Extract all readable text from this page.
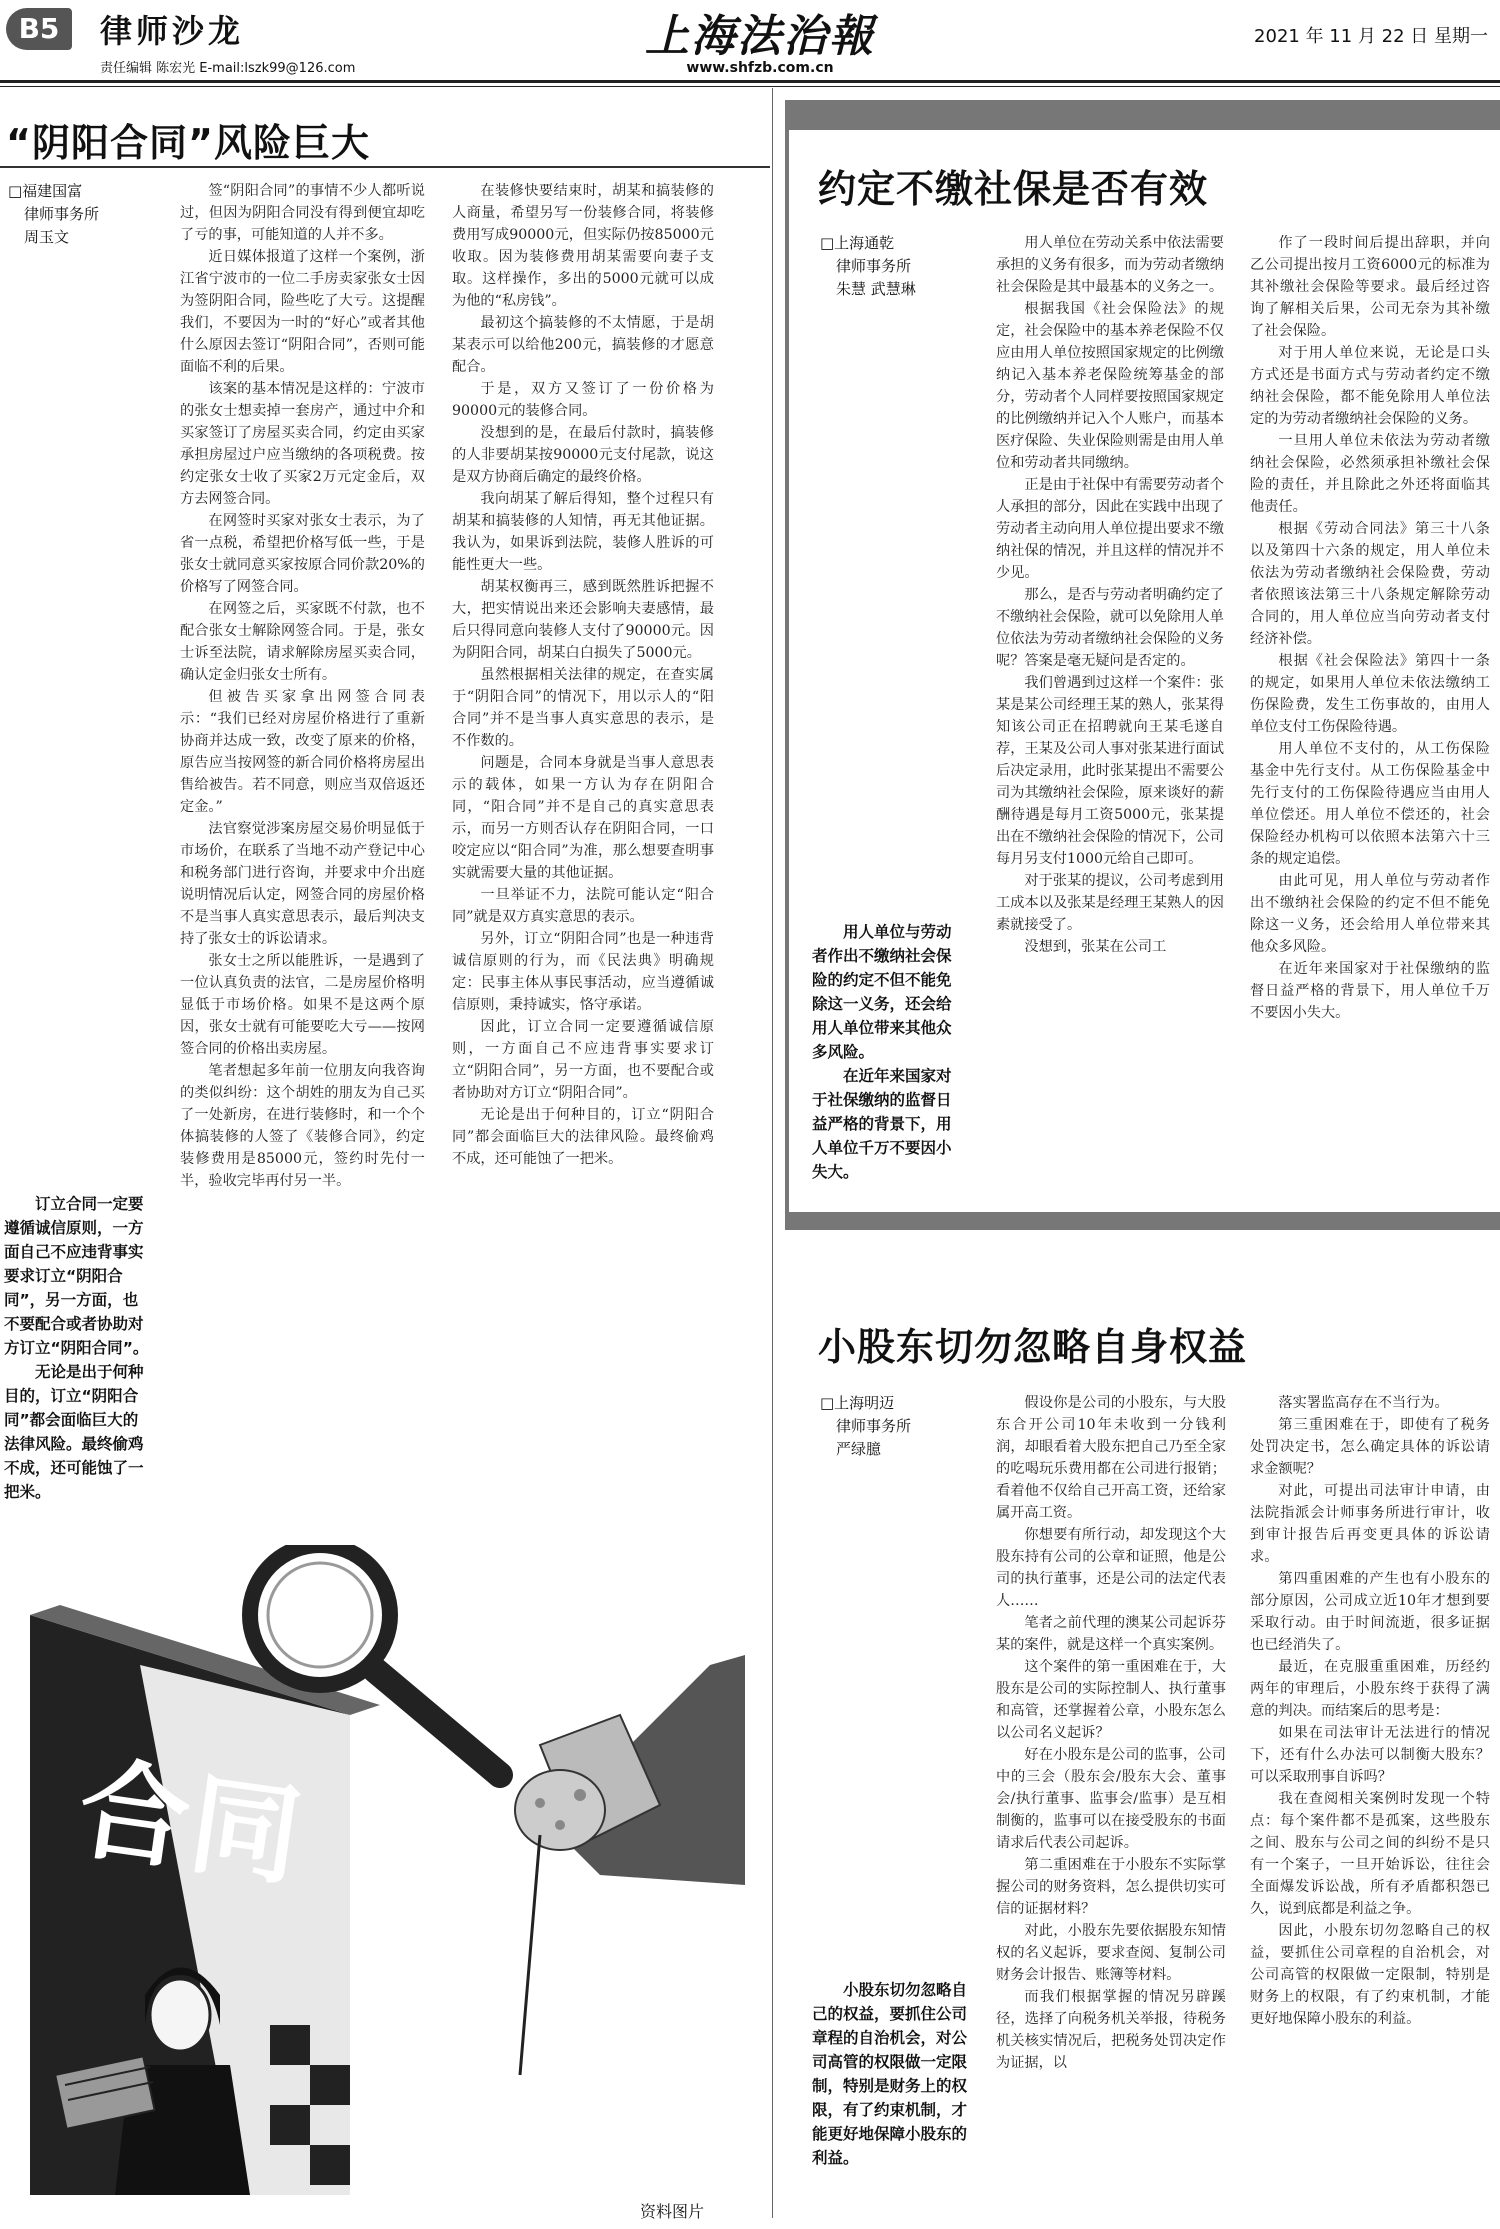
B5	律师沙龙
责任编辑 陈宏光 E-mail:lszk99@126.com
上海法治報
www.shfzb.com.cn
2021 年 11 月 22 日 星期一
“阴阳合同”风险巨大
□福建国富
律师事务所
周玉文

签“阴阳合同”的事情不少人都听说过，但因为阴阳合同没有得到便宜却吃了亏的事，可能知道的人并不多。

近日媒体报道了这样一个案例，浙江省宁波市的一位二手房卖家张女士因为签阴阳合同，险些吃了大亏。这提醒我们，不要因为一时的“好心”或者其他什么原因去签订“阴阳合同”，否则可能面临不利的后果。

该案的基本情况是这样的：宁波市的张女士想卖掉一套房产，通过中介和买家签订了房屋买卖合同，约定由买家承担房屋过户应当缴纳的各项税费。按约定张女士收了买家2万元定金后，双方去网签合同。

在网签时买家对张女士表示，为了省一点税，希望把价格写低一些，于是张女士就同意买家按原合同价款20%的价格写了网签合同。

在网签之后，买家既不付款，也不配合张女士解除网签合同。于是，张女士诉至法院，请求解除房屋买卖合同，确认定金归张女士所有。

但被告买家拿出网签合同表示：“我们已经对房屋价格进行了重新协商并达成一致，改变了原来的价格，原告应当按网签的新合同价格将房屋出售给被告。若不同意，则应当双倍返还定金。”

法官察觉涉案房屋交易价明显低于市场价，在联系了当地不动产登记中心和税务部门进行咨询，并要求中介出庭说明情况后认定，网签合同的房屋价格不是当事人真实意思表示，最后判决支持了张女士的诉讼请求。

张女士之所以能胜诉，一是遇到了一位认真负责的法官，二是房屋价格明显低于市场价格。如果不是这两个原因，张女士就有可能要吃大亏——按网签合同的价格出卖房屋。

笔者想起多年前一位朋友向我咨询的类似纠纷：这个胡姓的朋友为自己买了一处新房，在进行装修时，和一个个体搞装修的人签了《装修合同》，约定装修费用是85000元，签约时先付一半，验收完毕再付另一半。

在装修快要结束时，胡某和搞装修的人商量，希望另写一份装修合同，将装修费用写成90000元，但实际仍按85000元收取。因为装修费用胡某需要向妻子支取。这样操作，多出的5000元就可以成为他的“私房钱”。

最初这个搞装修的不太情愿，于是胡某表示可以给他200元，搞装修的才愿意配合。

于是，双方又签订了一份价格为90000元的装修合同。

没想到的是，在最后付款时，搞装修的人非要胡某按90000元支付尾款，说这是双方协商后确定的最终价格。

我向胡某了解后得知，整个过程只有胡某和搞装修的人知情，再无其他证据。我认为，如果诉到法院，装修人胜诉的可能性更大一些。

胡某权衡再三，感到既然胜诉把握不大，把实情说出来还会影响夫妻感情，最后只得同意向装修人支付了90000元。因为阴阳合同，胡某白白损失了5000元。

虽然根据相关法律的规定，在查实属于“阴阳合同”的情况下，用以示人的“阳合同”并不是当事人真实意思的表示，是不作数的。

问题是，合同本身就是当事人意思表示的载体，如果一方认为存在阴阳合同，“阳合同”并不是自己的真实意思表示，而另一方则否认存在阴阳合同，一口咬定应以“阳合同”为准，那么想要查明事实就需要大量的其他证据。

一旦举证不力，法院可能认定“阳合同”就是双方真实意思的表示。

另外，订立“阴阳合同”也是一种违背诚信原则的行为，而《民法典》明确规定：民事主体从事民事活动，应当遵循诚信原则，秉持诚实，恪守承诺。

因此，订立合同一定要遵循诚信原则，一方面自己不应违背事实要求订立“阴阳合同”，另一方面，也不要配合或者协助对方订立“阴阳合同”。

无论是出于何种目的，订立“阴阳合同”都会面临巨大的法律风险。最终偷鸡不成，还可能蚀了一把米。

订立合同一定要遵循诚信原则，一方面自己不应违背事实要求订立“阴阳合同”，另一方面，也不要配合或者协助对方订立“阴阳合同”。

无论是出于何种目的，订立“阴阳合同”都会面临巨大的法律风险。最终偷鸡不成，还可能蚀了一把米。

合同
资料图片
约定不缴社保是否有效
□上海通乾
律师事务所
朱慧 武慧琳

用人单位在劳动关系中依法需要承担的义务有很多，而为劳动者缴纳社会保险是其中最基本的义务之一。

根据我国《社会保险法》的规定，社会保险中的基本养老保险不仅应由用人单位按照国家规定的比例缴纳记入基本养老保险统筹基金的部分，劳动者个人同样要按照国家规定的比例缴纳并记入个人账户，而基本医疗保险、失业保险则需是由用人单位和劳动者共同缴纳。

正是由于社保中有需要劳动者个人承担的部分，因此在实践中出现了劳动者主动向用人单位提出要求不缴纳社保的情况，并且这样的情况并不少见。

那么，是否与劳动者明确约定了不缴纳社会保险，就可以免除用人单位依法为劳动者缴纳社会保险的义务呢？答案是毫无疑问是否定的。

我们曾遇到过这样一个案件：张某是某公司经理王某的熟人，张某得知该公司正在招聘就向王某毛遂自荐，王某及公司人事对张某进行面试后决定录用，此时张某提出不需要公司为其缴纳社会保险，原来谈好的薪酬待遇是每月工资5000元，张某提出在不缴纳社会保险的情况下，公司每月另支付1000元给自己即可。

对于张某的提议，公司考虑到用工成本以及张某是经理王某熟人的因素就接受了。

没想到，张某在公司工

作了一段时间后提出辞职，并向乙公司提出按月工资6000元的标准为其补缴社会保险等要求。最后经过咨询了解相关后果，公司无奈为其补缴了社会保险。

对于用人单位来说，无论是口头方式还是书面方式与劳动者约定不缴纳社会保险，都不能免除用人单位法定的为劳动者缴纳社会保险的义务。

一旦用人单位未依法为劳动者缴纳社会保险，必然须承担补缴社会保险的责任，并且除此之外还将面临其他责任。

根据《劳动合同法》第三十八条以及第四十六条的规定，用人单位未依法为劳动者缴纳社会保险费，劳动者依照该法第三十八条规定解除劳动合同的，用人单位应当向劳动者支付经济补偿。

根据《社会保险法》第四十一条的规定，如果用人单位未依法缴纳工伤保险费，发生工伤事故的，由用人单位支付工伤保险待遇。

用人单位不支付的，从工伤保险基金中先行支付。从工伤保险基金中先行支付的工伤保险待遇应当由用人单位偿还。用人单位不偿还的，社会保险经办机构可以依照本法第六十三条的规定追偿。

由此可见，用人单位与劳动者作出不缴纳社会保险的约定不但不能免除这一义务，还会给用人单位带来其他众多风险。

在近年来国家对于社保缴纳的监督日益严格的背景下，用人单位千万不要因小失大。

用人单位与劳动者作出不缴纳社会保险的约定不但不能免除这一义务，还会给用人单位带来其他众多风险。

在近年来国家对于社保缴纳的监督日益严格的背景下，用人单位千万不要因小失大。

小股东切勿忽略自身权益
□上海明迈
律师事务所
严绿臆

假设你是公司的小股东，与大股东合开公司10年未收到一分钱利润，却眼看着大股东把自己乃至全家的吃喝玩乐费用都在公司进行报销；看着他不仅给自己开高工资，还给家属开高工资。

你想要有所行动，却发现这个大股东持有公司的公章和证照，他是公司的执行董事，还是公司的法定代表人……

笔者之前代理的澳某公司起诉芬某的案件，就是这样一个真实案例。

这个案件的第一重困难在于，大股东是公司的实际控制人、执行董事和高管，还掌握着公章，小股东怎么以公司名义起诉？

好在小股东是公司的监事，公司中的三会（股东会/股东大会、董事会/执行董事、监事会/监事）是互相制衡的，监事可以在接受股东的书面请求后代表公司起诉。

第二重困难在于小股东不实际掌握公司的财务资料，怎么提供切实可信的证据材料？

对此，小股东先要依据股东知情权的名义起诉，要求查阅、复制公司财务会计报告、账簿等材料。

而我们根据掌握的情况另辟蹊径，选择了向税务机关举报，待税务机关核实情况后，把税务处罚决定作为证据，以

落实署监高存在不当行为。

第三重困难在于，即使有了税务处罚决定书，怎么确定具体的诉讼请求金额呢？

对此，可提出司法审计申请，由法院指派会计师事务所进行审计，收到审计报告后再变更具体的诉讼请求。

第四重困难的产生也有小股东的部分原因，公司成立近10年才想到要采取行动。由于时间流逝，很多证据也已经消失了。

最近，在克服重重困难，历经约两年的审理后，小股东终于获得了满意的判决。而结案后的思考是：

如果在司法审计无法进行的情况下，还有什么办法可以制衡大股东？可以采取刑事自诉吗？

我在查阅相关案例时发现一个特点：每个案件都不是孤案，这些股东之间、股东与公司之间的纠纷不是只有一个案子，一旦开始诉讼，往往会全面爆发诉讼战，所有矛盾都积怨已久，说到底都是利益之争。

因此，小股东切勿忽略自己的权益，要抓住公司章程的自治机会，对公司高管的权限做一定限制，特别是财务上的权限，有了约束机制，才能更好地保障小股东的利益。

小股东切勿忽略自己的权益，要抓住公司章程的自治机会，对公司高管的权限做一定限制，特别是财务上的权限，有了约束机制，才能更好地保障小股东的利益。
